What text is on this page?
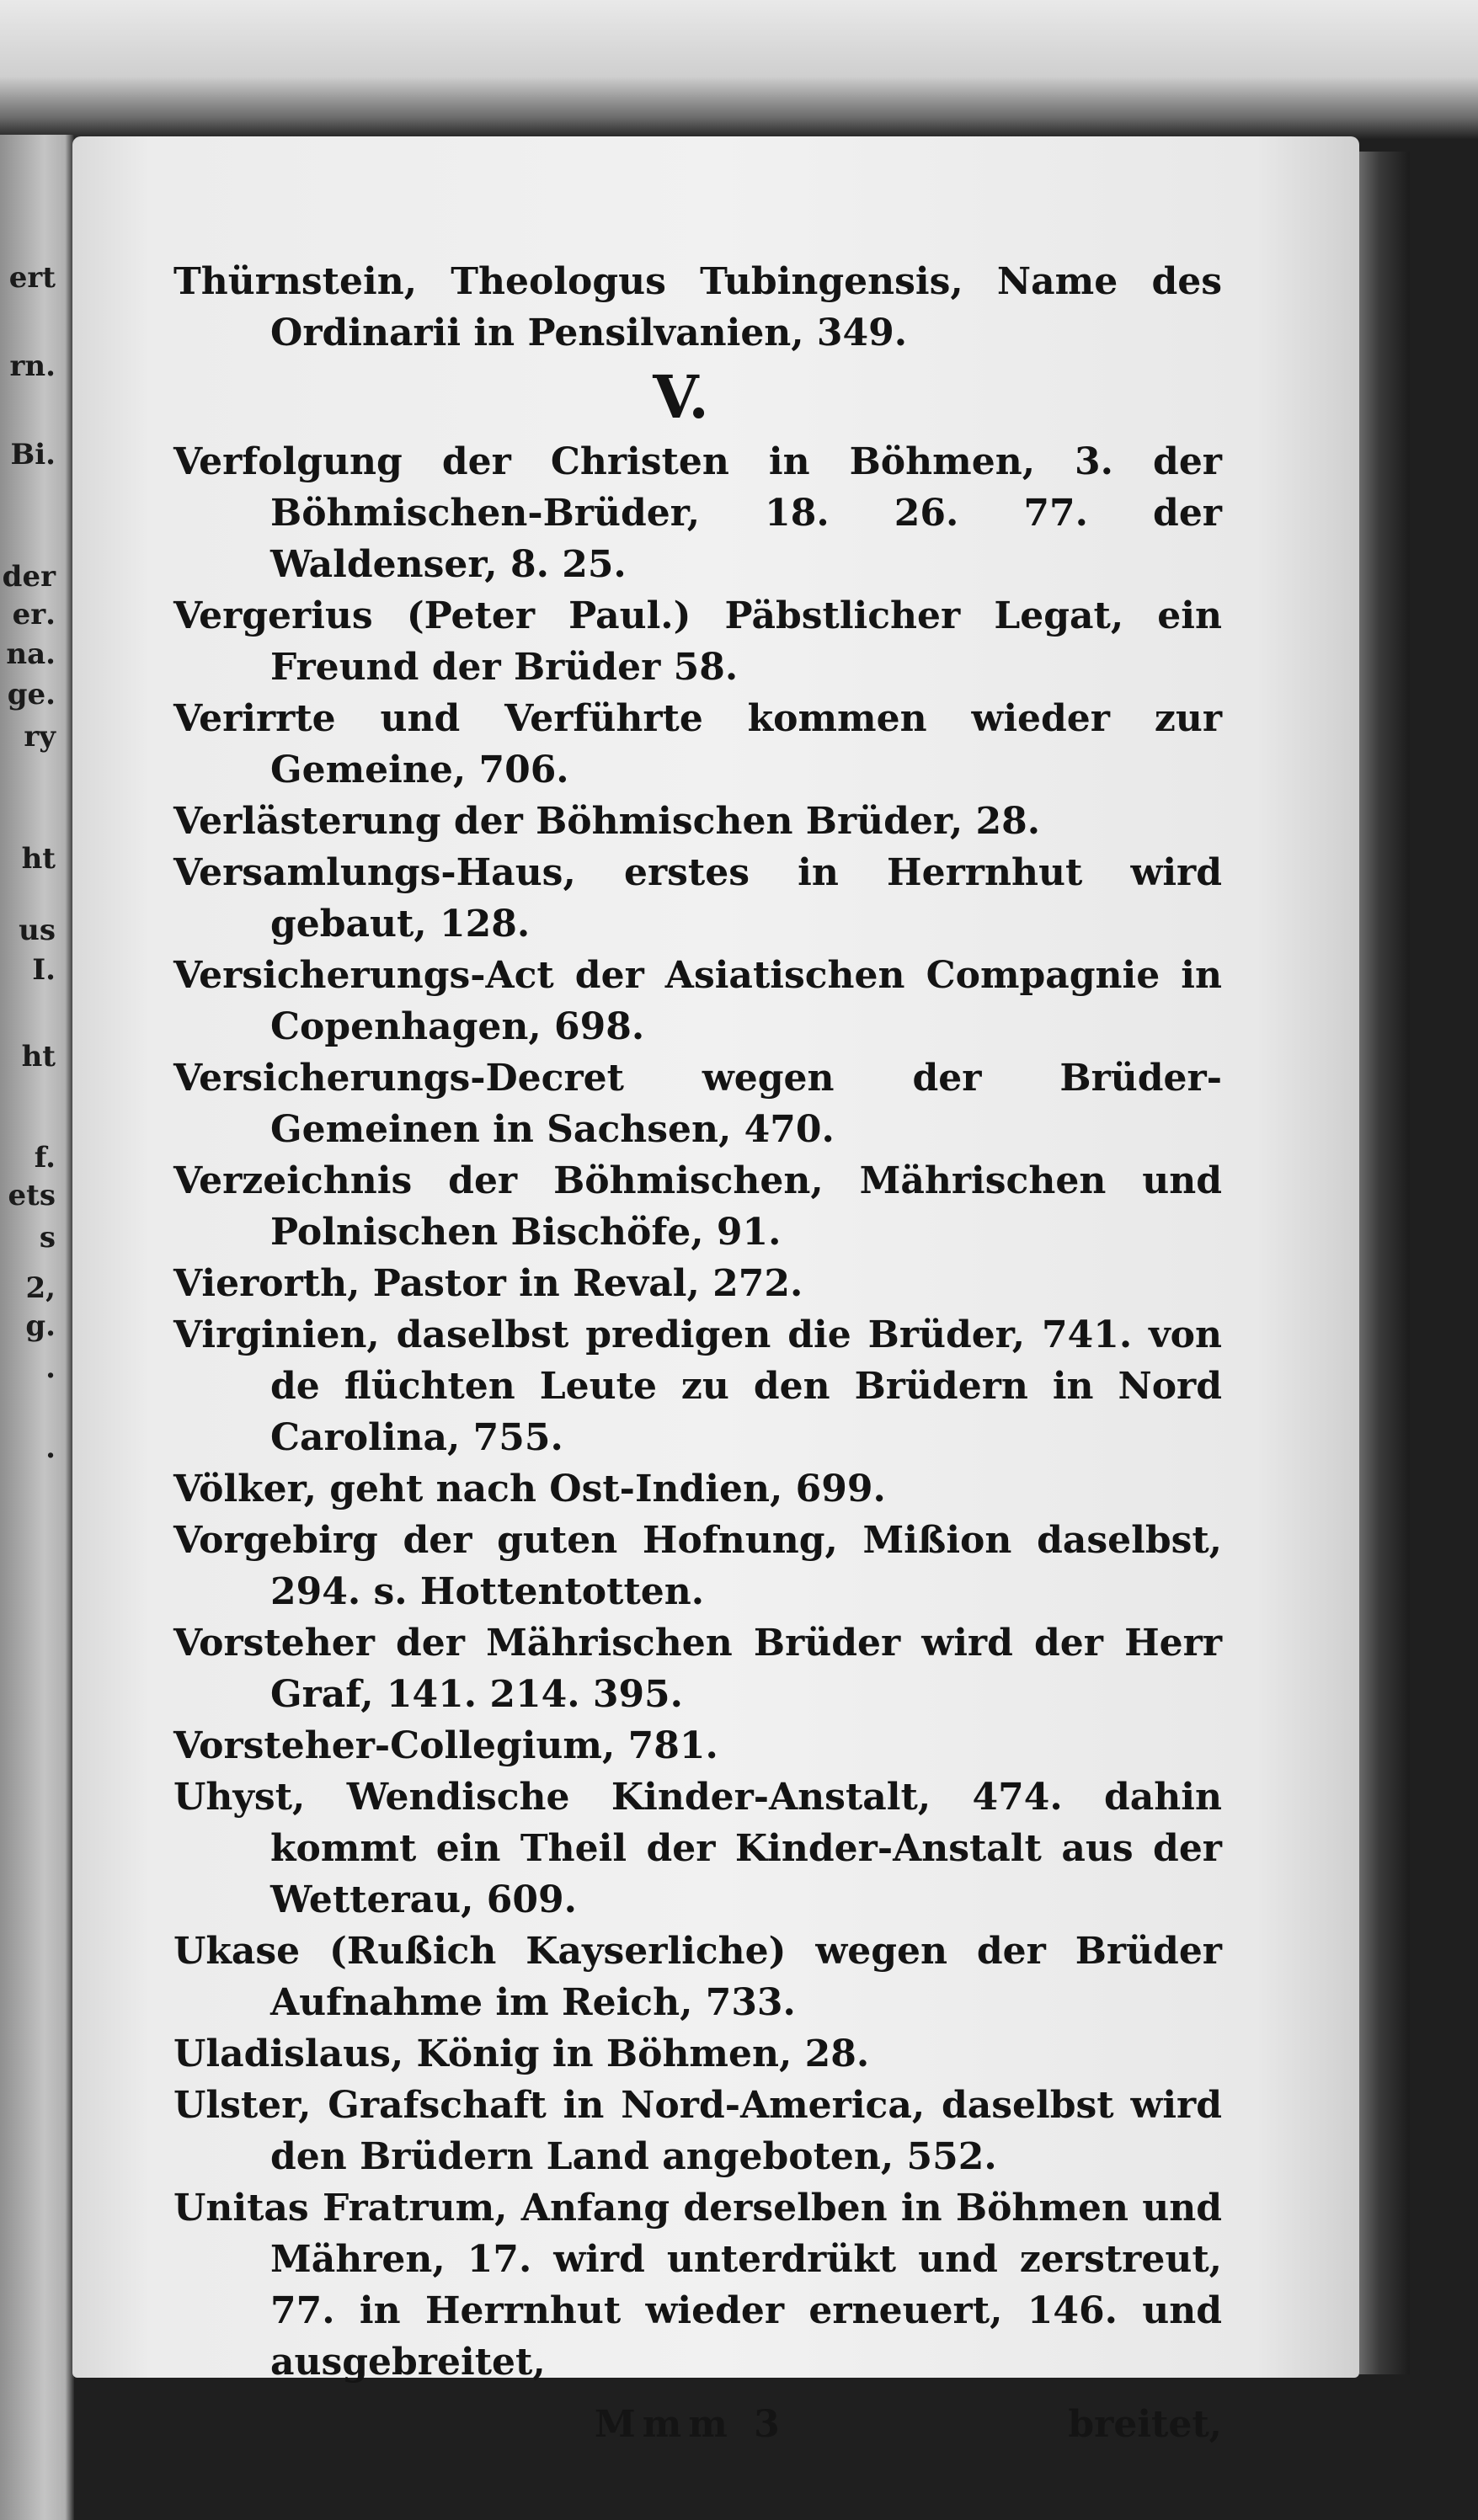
ert
rn․
Bi․
der
er․
na․
ge․
ry
ht
us
I.
ht
f.
ets
s
2,
g․
․
․

Thürnstein, Theologus Tubingensis, Name des Ordinarii in Pensilvanien, 349.

V.

Verfolgung der Christen in Böhmen, 3. der Böhmischen-Brüder, 18. 26. 77. der Waldenser, 8. 25.

Vergerius (Peter Paul.) Päbstlicher Legat, ein Freund der Brüder 58.

Verirrte und Verführte kommen wieder zur Gemeine, 706.

Verlästerung der Böhmischen Brüder, 28.

Versamlungs-Haus, erstes in Herrnhut wird gebaut, 128.

Versicherungs-Act der Asiatischen Compagnie in Copenhagen, 698.

Versicherungs-Decret wegen der Brüder-Gemeinen in Sachsen, 470.

Verzeichnis der Böhmischen, Mährischen und Polnischen Bischöfe, 91.

Vierorth, Pastor in Reval, 272.

Virginien, daselbst predigen die Brüder, 741. von de flüchten Leute zu den Brüdern in Nord Carolina, 755.

Völker, geht nach Ost-Indien, 699.

Vorgebirg der guten Hofnung, Mißion daselbst, 294. s. Hottentotten.

Vorsteher der Mährischen Brüder wird der Herr Graf, 141. 214. 395.

Vorsteher-Collegium, 781.

Uhyst, Wendische Kinder-Anstalt, 474. dahin kommt ein Theil der Kinder-Anstalt aus der Wetterau, 609.

Ukase (Rußich Kayserliche) wegen der Brüder Aufnahme im Reich, 733.

Uladislaus, König in Böhmen, 28.

Ulster, Grafschaft in Nord-America, daselbst wird den Brüdern Land angeboten, 552.

Unitas Fratrum, Anfang derselben in Böhmen und Mähren, 17. wird unterdrükt und zerstreut, 77. in Herrnhut wieder erneuert, 146. und ausgebreitet,

Mmm 3	breitet,
